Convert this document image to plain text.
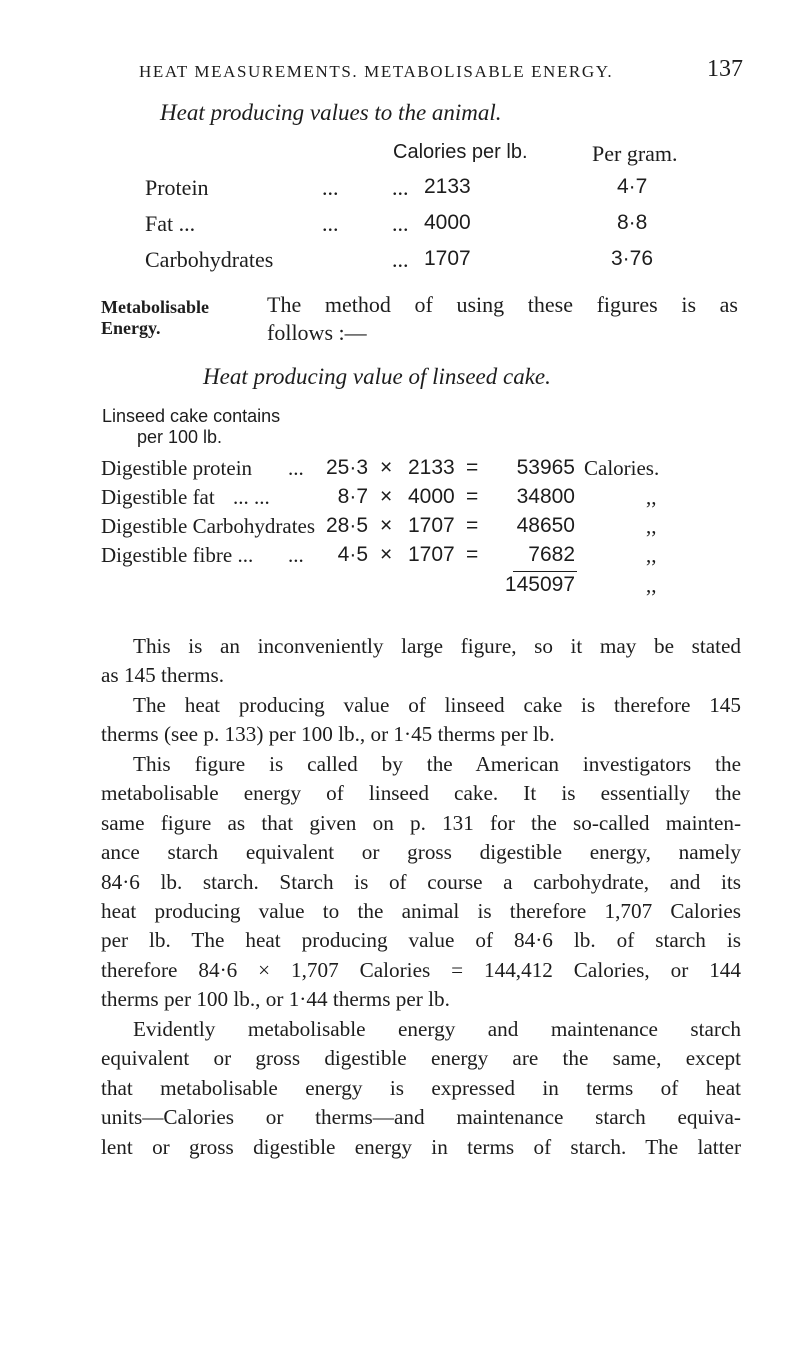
HEAT MEASUREMENTS. METABOLISABLE ENERGY.	137
Heat producing values to the animal.
Calories per lb.	Per gram.
Protein	... ... 2133	4·7
Fat ...	... ... 4000	8·8
Carbohydrates	... 1707	3·76
Metabolisable
Energy.
The method of using these figures is as
follows :—
Heat producing value of linseed cake.
Linseed cake contains
per 100 lb.
Digestible protein ... 25·3 × 2133 =	53965 Calories.
Digestible fat ... ...	8·7 × 4000 =	34800	,,
Digestible Carbohydrates 28·5 × 1707 =	48650	,,
Digestible fibre ... ...	4·5 × 1707 =	7682	,,
145097	,,

This is an inconveniently large figure, so it may be stated

as 145 therms.

The heat producing value of linseed cake is therefore 145

therms (see p. 133) per 100 lb., or 1·45 therms per lb.

This figure is called by the American investigators the

metabolisable energy of linseed cake. It is essentially the

same figure as that given on p. 131 for the so-called mainten-

ance starch equivalent or gross digestible energy, namely

84·6 lb. starch. Starch is of course a carbohydrate, and its

heat producing value to the animal is therefore 1,707 Calories

per lb. The heat producing value of 84·6 lb. of starch is

therefore 84·6 × 1,707 Calories = 144,412 Calories, or 144

therms per 100 lb., or 1·44 therms per lb.

Evidently metabolisable energy and maintenance starch

equivalent or gross digestible energy are the same, except

that metabolisable energy is expressed in terms of heat

units—Calories or therms—and maintenance starch equiva-

lent or gross digestible energy in terms of starch. The latter
